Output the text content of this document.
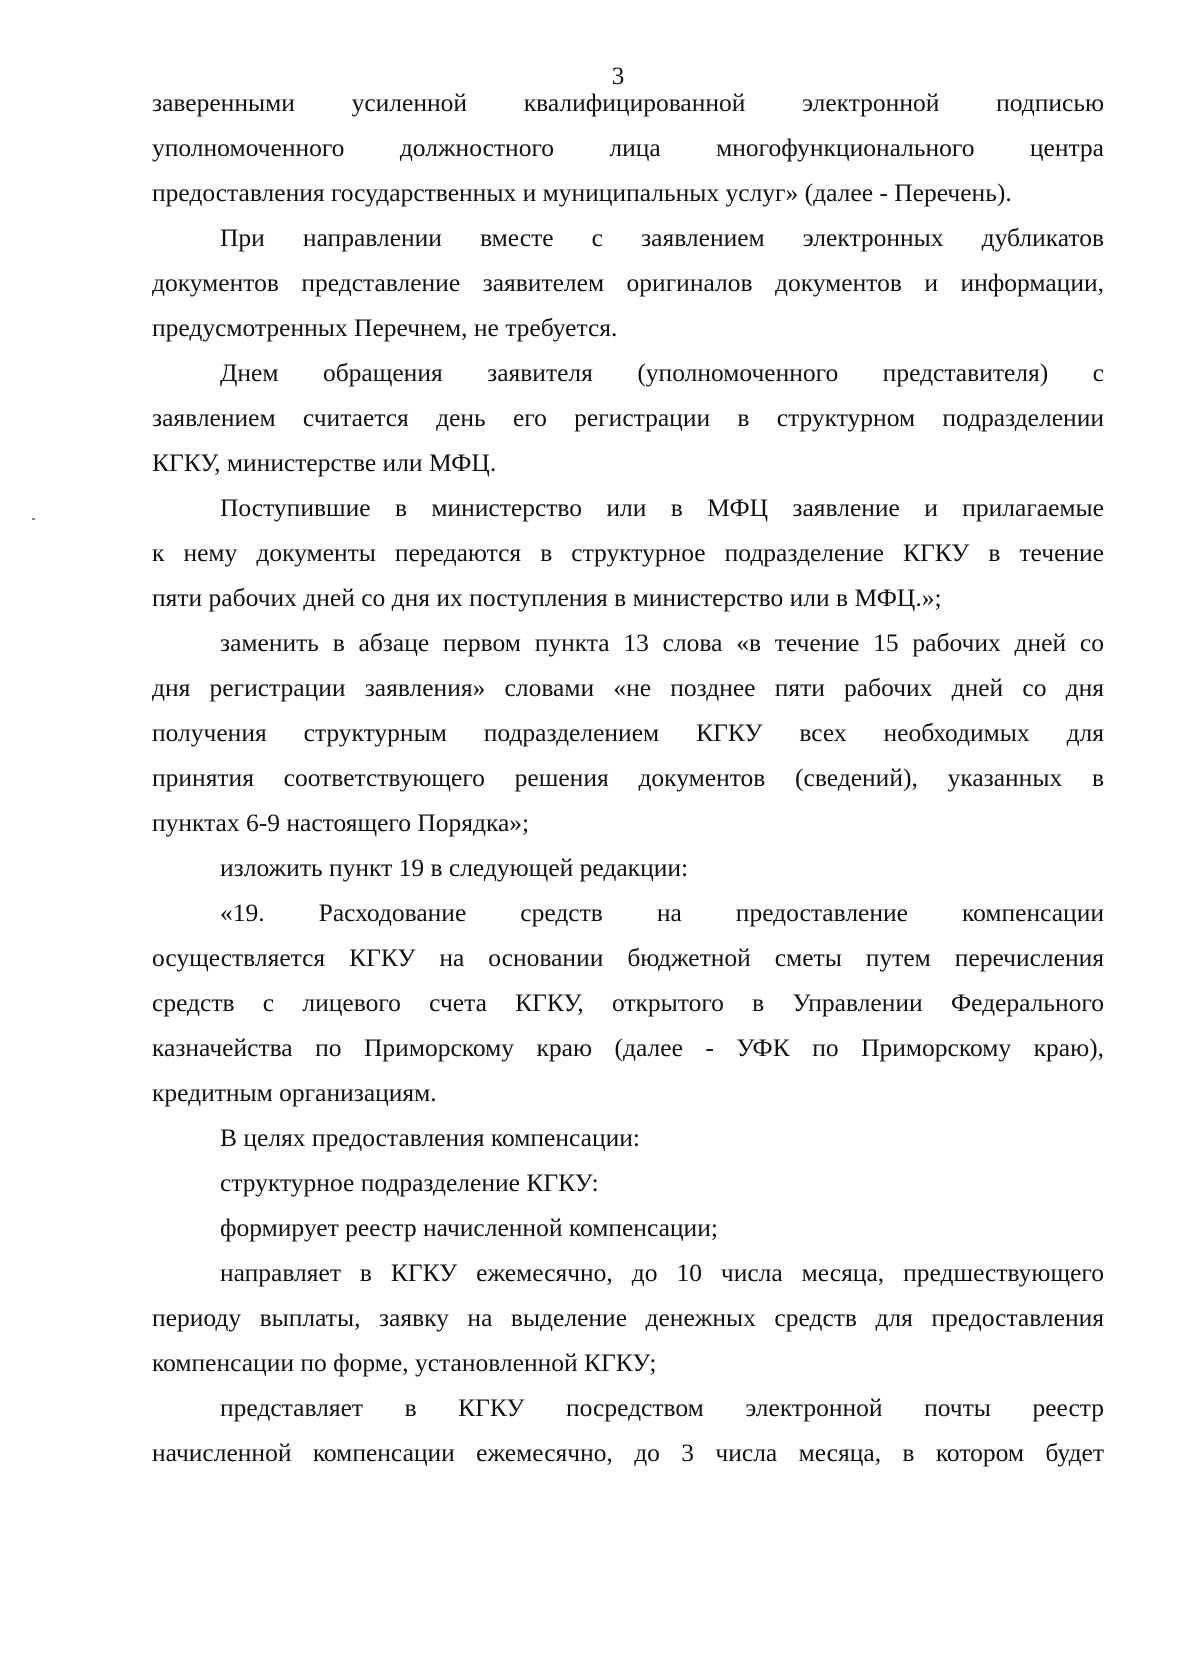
3
заверенными усиленной квалифицированной электронной подписью
уполномоченного должностного лица многофункционального центра
предоставления государственных и муниципальных услуг» (далее - Перечень).
При направлении вместе с заявлением электронных дубликатов
документов представление заявителем оригиналов документов и информации,
предусмотренных Перечнем, не требуется.
Днем обращения заявителя (уполномоченного представителя) с
заявлением считается день его регистрации в структурном подразделении
КГКУ, министерстве или МФЦ.
Поступившие в министерство или в МФЦ заявление и прилагаемые
к нему документы передаются в структурное подразделение КГКУ в течение
пяти рабочих дней со дня их поступления в министерство или в МФЦ.»;
заменить в абзаце первом пункта 13 слова «в течение 15 рабочих дней со
дня регистрации заявления» словами «не позднее пяти рабочих дней со дня
получения структурным подразделением КГКУ всех необходимых для
принятия соответствующего решения документов (сведений), указанных в
пунктах 6-9 настоящего Порядка»;
изложить пункт 19 в следующей редакции:
«19. Расходование средств на предоставление компенсации
осуществляется КГКУ на основании бюджетной сметы путем перечисления
средств с лицевого счета КГКУ, открытого в Управлении Федерального
казначейства по Приморскому краю (далее - УФК по Приморскому краю),
кредитным организациям.
В целях предоставления компенсации:
структурное подразделение КГКУ:
формирует реестр начисленной компенсации;
направляет в КГКУ ежемесячно, до 10 числа месяца, предшествующего
периоду выплаты, заявку на выделение денежных средств для предоставления
компенсации по форме, установленной КГКУ;
представляет в КГКУ посредством электронной почты реестр
начисленной компенсации ежемесячно, до 3 числа месяца, в котором будет
